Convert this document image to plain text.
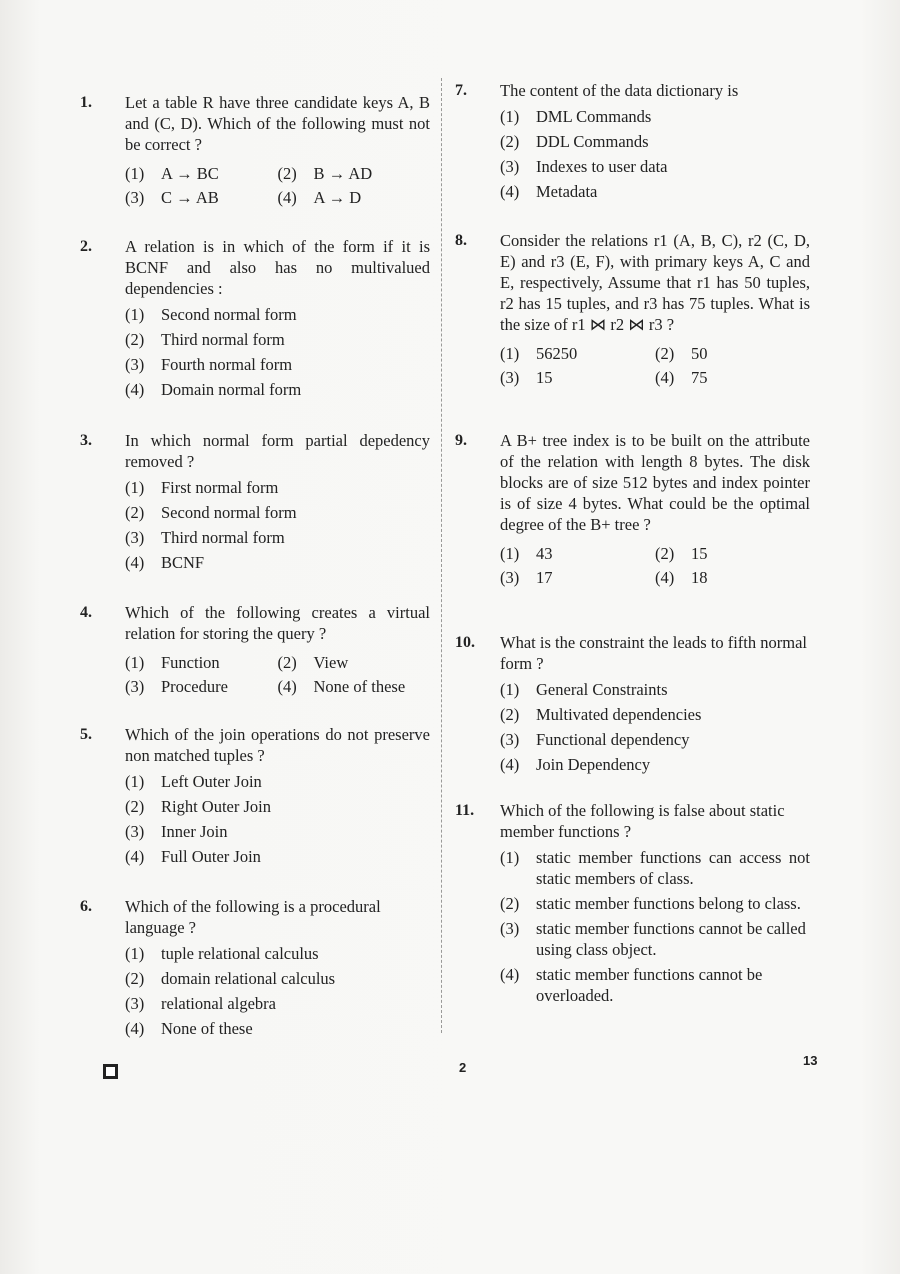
1. Let a table R have three candidate keys A, B and (C, D). Which of the following must not be correct ?
(1) A → BC	(2) B → AD
(3) C → AB	(4) A → D
2. A relation is in which of the form if it is BCNF and also has no multivalued dependencies :
(1) Second normal form
(2) Third normal form
(3) Fourth normal form
(4) Domain normal form
3. In which normal form partial depedency removed ?
(1) First normal form
(2) Second normal form
(3) Third normal form
(4) BCNF
4. Which of the following creates a virtual relation for storing the query ?
(1) Function	(2) View
(3) Procedure	(4) None of these
5. Which of the join operations do not preserve non matched tuples ?
(1) Left Outer Join
(2) Right Outer Join
(3) Inner Join
(4) Full Outer Join
6. Which of the following is a procedural language ?
(1) tuple relational calculus
(2) domain relational calculus
(3) relational algebra
(4) None of these
7. The content of the data dictionary is
(1) DML Commands
(2) DDL Commands
(3) Indexes to user data
(4) Metadata
8. Consider the relations r1 (A, B, C), r2 (C, D, E) and r3 (E, F), with primary keys A, C and E, respectively, Assume that r1 has 50 tuples, r2 has 15 tuples, and r3 has 75 tuples. What is the size of r1 ⋈ r2 ⋈ r3 ?
(1) 56250	(2) 50
(3) 15	(4) 75
9. A B+ tree index is to be built on the attribute of the relation with length 8 bytes. The disk blocks are of size 512 bytes and index pointer is of size 4 bytes. What could be the optimal degree of the B+ tree ?
(1) 43	(2) 15
(3) 17	(4) 18
10. What is the constraint the leads to fifth normal form ?
(1) General Constraints
(2) Multivated dependencies
(3) Functional dependency
(4) Join Dependency
11. Which of the following is false about static member functions ?
(1) static member functions can access not static members of class.
(2) static member functions belong to class.
(3) static member functions cannot be called using class object.
(4) static member functions cannot be overloaded.
2	13
